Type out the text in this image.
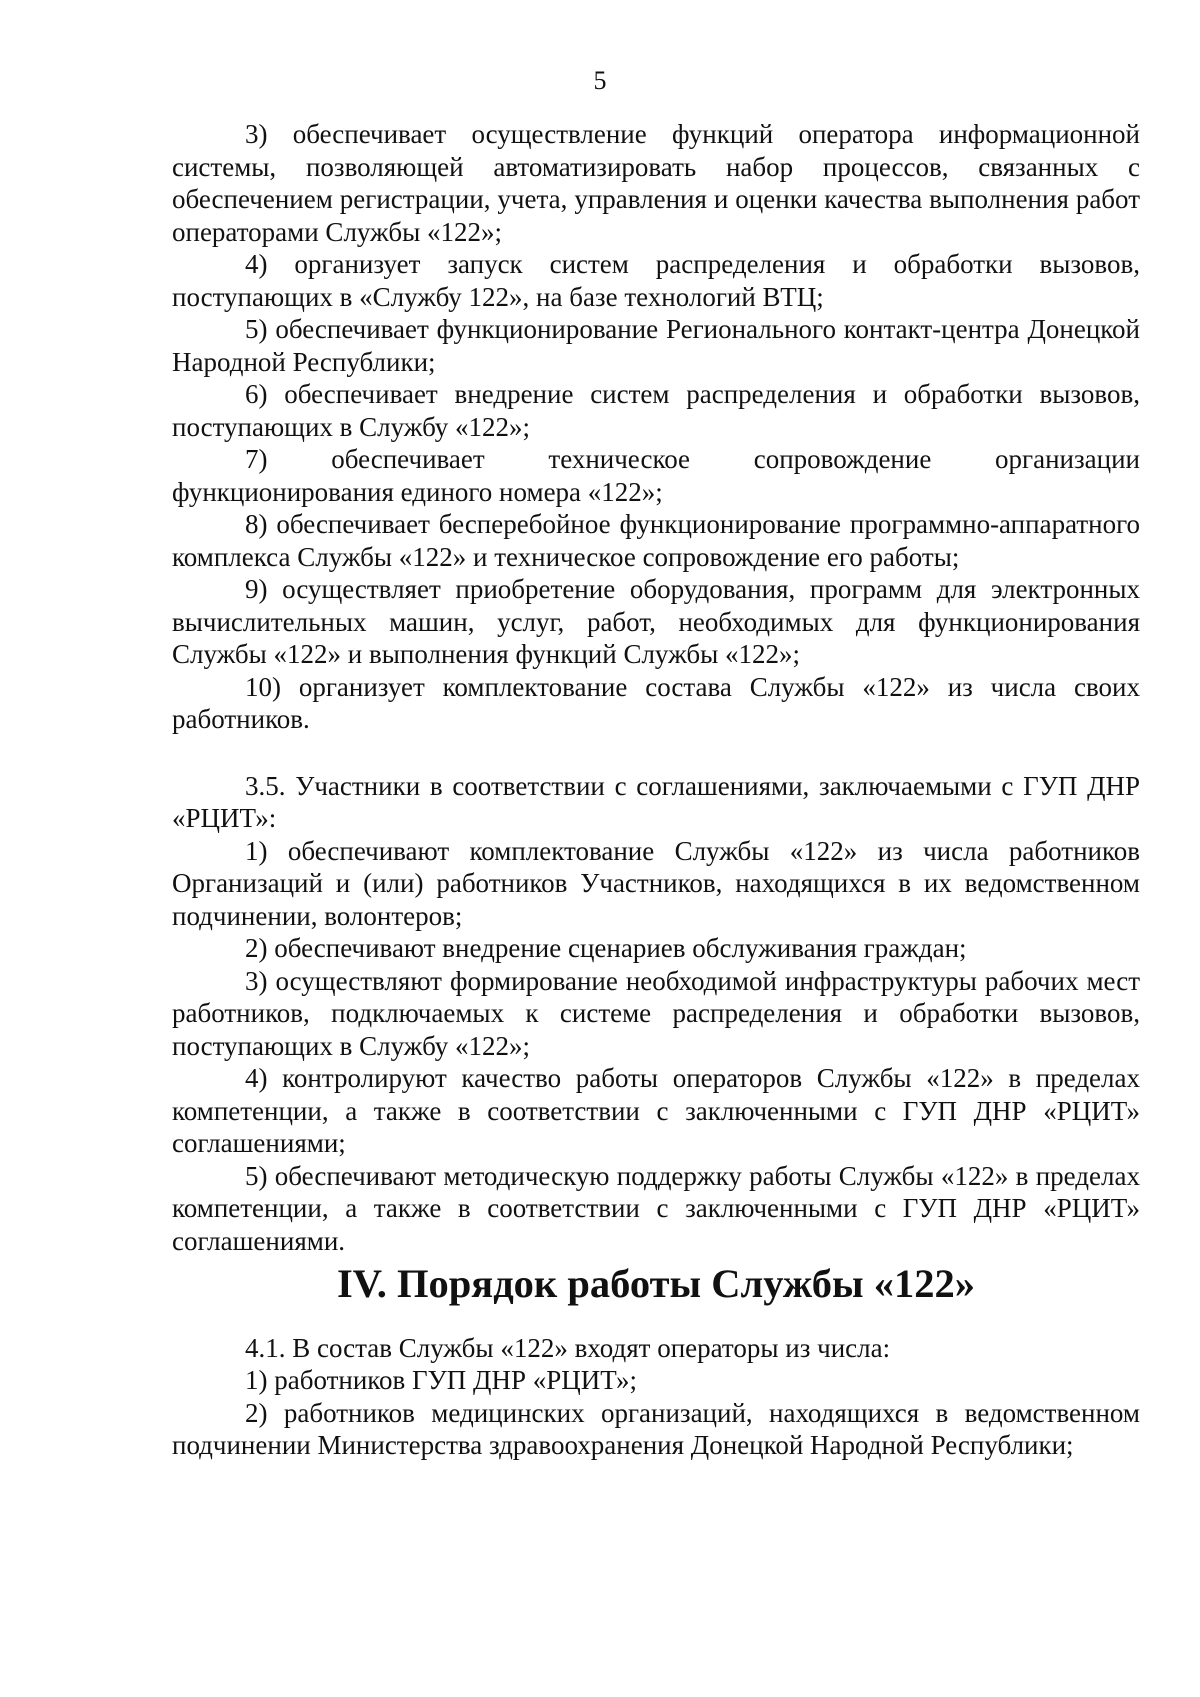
5

3) обеспечивает осуществление функций оператора информационной системы, позволяющей автоматизировать набор процессов, связанных с обеспечением регистрации, учета, управления и оценки качества выполнения работ операторами Службы «122»;

4) организует запуск систем распределения и обработки вызовов, поступающих в «Службу 122», на базе технологий ВТЦ;

5) обеспечивает функционирование Регионального контакт-центра Донецкой Народной Республики;

6) обеспечивает внедрение систем распределения и обработки вызовов, поступающих в Службу «122»;

7) обеспечивает техническое сопровождение организации функционирования единого номера «122»;

8) обеспечивает бесперебойное функционирование программно-аппаратного комплекса Службы «122» и техническое сопровождение его работы;

9) осуществляет приобретение оборудования, программ для электронных вычислительных машин, услуг, работ, необходимых для функционирования Службы «122» и выполнения функций Службы «122»;

10) организует комплектование состава Службы «122» из числа своих работников.

3.5. Участники в соответствии с соглашениями, заключаемыми с ГУП ДНР «РЦИТ»:

1) обеспечивают комплектование Службы «122» из числа работников Организаций и (или) работников Участников, находящихся в их ведомственном подчинении, волонтеров;

2) обеспечивают внедрение сценариев обслуживания граждан;

3) осуществляют формирование необходимой инфраструктуры рабочих мест работников, подключаемых к системе распределения и обработки вызовов, поступающих в Службу «122»;

4) контролируют качество работы операторов Службы «122» в пределах компетенции, а также в соответствии с заключенными с ГУП ДНР «РЦИТ» соглашениями;

5) обеспечивают методическую поддержку работы Службы «122» в пределах компетенции, а также в соответствии с заключенными с ГУП ДНР «РЦИТ» соглашениями.

IV. Порядок работы Службы «122»

4.1. В состав Службы «122» входят операторы из числа:

1) работников ГУП ДНР «РЦИТ»;

2) работников медицинских организаций, находящихся в ведомственном подчинении Министерства здравоохранения Донецкой Народной Республики;
